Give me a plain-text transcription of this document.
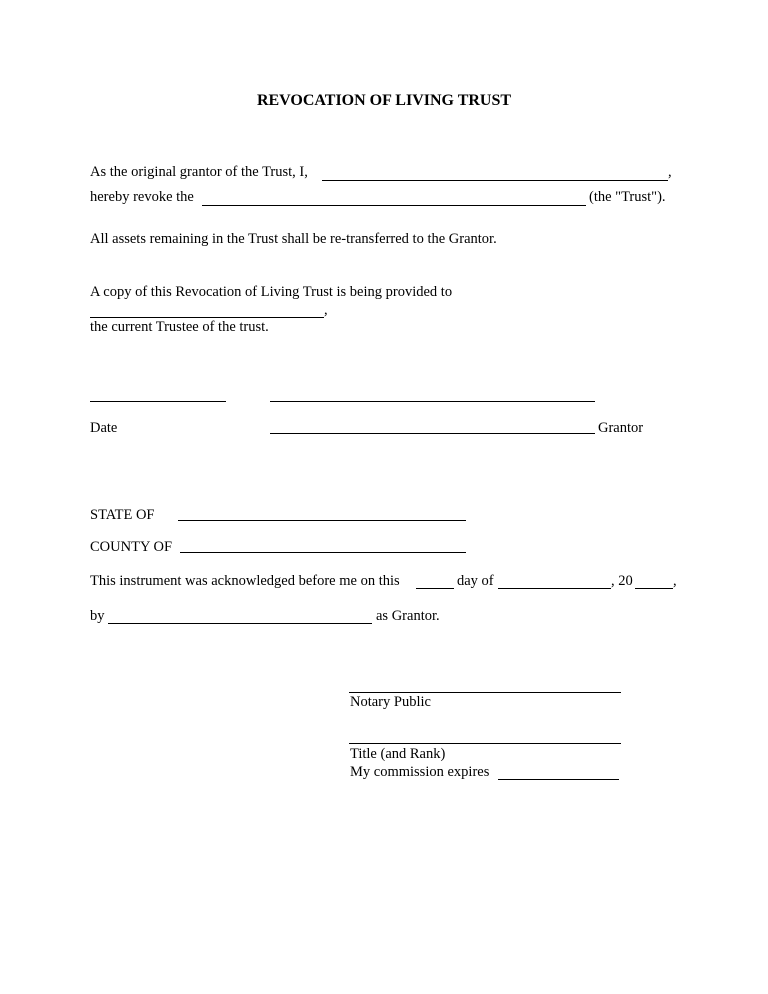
REVOCATION OF LIVING TRUST
As the original grantor of the Trust, I,	,
hereby revoke the	(the "Trust").
All assets remaining in the Trust shall be re-transferred to the Grantor.
A copy of this Revocation of Living Trust is being provided to
,
the current Trustee of the trust.
Date	Grantor
STATE OF
COUNTY OF
This instrument was acknowledged before me on this	day of	, 20	,
by	as Grantor.
Notary Public
Title (and Rank)
My commission expires
